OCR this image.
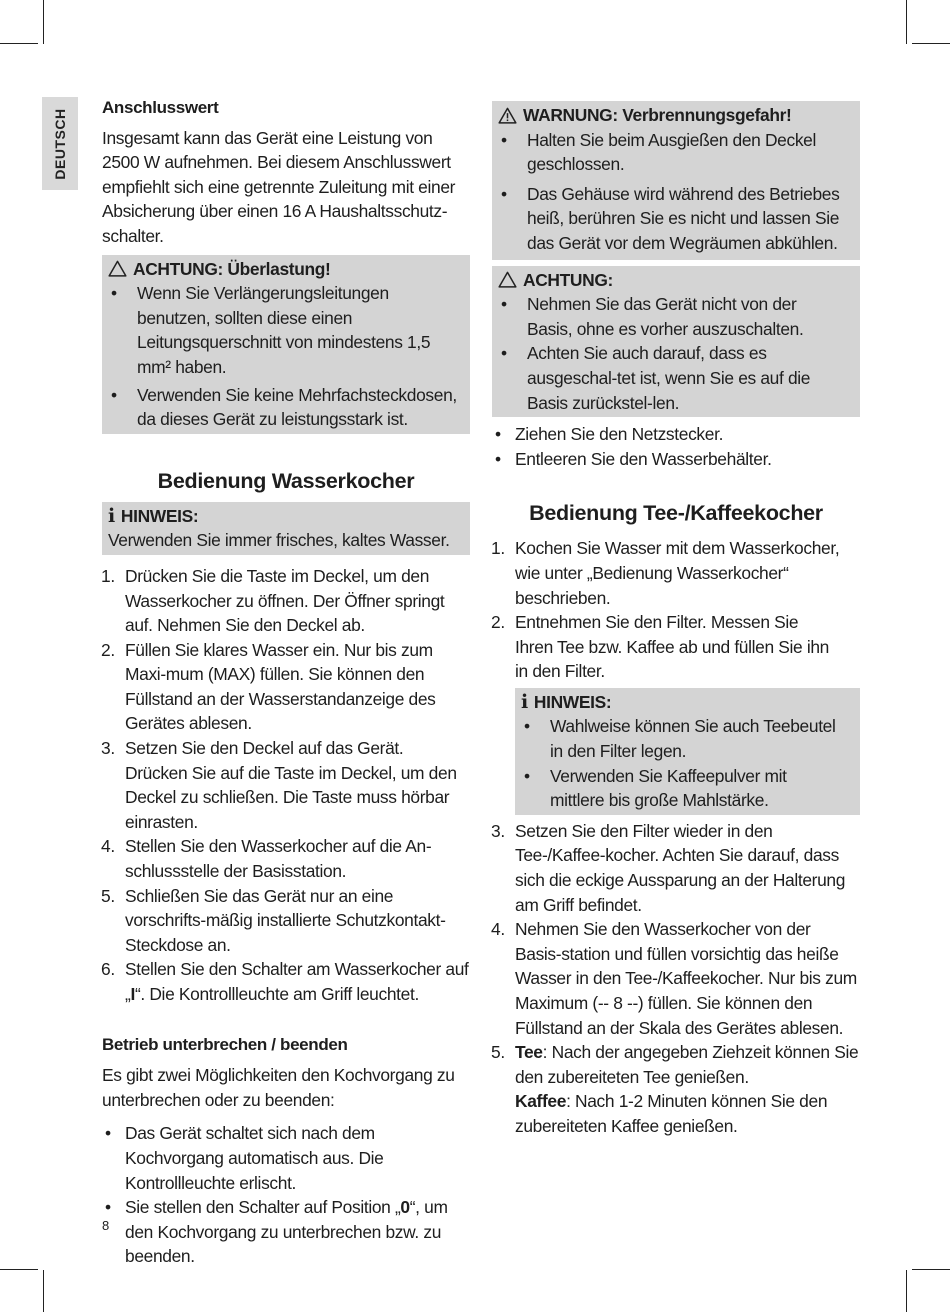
DEUTSCH

Anschlusswert

Insgesamt kann das Gerät eine Leistung von 2500 W aufnehmen. Bei diesem Anschlusswert empfiehlt sich eine getrennte Zuleitung mit einer Absicherung über einen 16 A Haushaltsschutz-schalter.

ACHTUNG: Überlastung!
• Wenn Sie Verlängerungsleitungen benutzen, sollten diese einen Leitungsquerschnitt von mindestens 1,5 mm² haben.
• Verwenden Sie keine Mehrfachsteckdosen, da dieses Gerät zu leistungsstark ist.

Bedienung Wasserkocher

i HINWEIS:

Verwenden Sie immer frisches, kaltes Wasser.

1. Drücken Sie die Taste im Deckel, um den Wasserkocher zu öffnen. Der Öffner springt auf. Nehmen Sie den Deckel ab.
2. Füllen Sie klares Wasser ein. Nur bis zum Maxi-mum (MAX) füllen. Sie können den Füllstand an der Wasserstandanzeige des Gerätes ablesen.
3. Setzen Sie den Deckel auf das Gerät. Drücken Sie auf die Taste im Deckel, um den Deckel zu schließen. Die Taste muss hörbar einrasten.
4. Stellen Sie den Wasserkocher auf die An-schlussstelle der Basisstation.
5. Schließen Sie das Gerät nur an eine vorschrifts-mäßig installierte Schutzkontakt-Steckdose an.
6. Stellen Sie den Schalter am Wasserkocher auf „I“. Die Kontrollleuchte am Griff leuchtet.

Betrieb unterbrechen / beenden

Es gibt zwei Möglichkeiten den Kochvorgang zu unterbrechen oder zu beenden:

• Das Gerät schaltet sich nach dem Kochvorgang automatisch aus. Die Kontrollleuchte erlischt.
• Sie stellen den Schalter auf Position „0“, um den Kochvorgang zu unterbrechen bzw. zu beenden.
WARNUNG: Verbrennungsgefahr!
• Halten Sie beim Ausgießen den Deckel geschlossen.
• Das Gehäuse wird während des Betriebes heiß, berühren Sie es nicht und lassen Sie das Gerät vor dem Wegräumen abkühlen.
ACHTUNG:
• Nehmen Sie das Gerät nicht von der Basis, ohne es vorher auszuschalten.
• Achten Sie auch darauf, dass es ausgeschal-tet ist, wenn Sie es auf die Basis zurückstel-len.
• Ziehen Sie den Netzstecker.
• Entleeren Sie den Wasserbehälter.

Bedienung Tee-/Kaffeekocher

1. Kochen Sie Wasser mit dem Wasserkocher, wie unter „Bedienung Wasserkocher“ beschrieben.
2. Entnehmen Sie den Filter. Messen Sie Ihren Tee bzw. Kaffee ab und füllen Sie ihn in den Filter.
i HINWEIS:
• Wahlweise können Sie auch Teebeutel in den Filter legen.
• Verwenden Sie Kaffeepulver mit mittlere bis große Mahlstärke.
3. Setzen Sie den Filter wieder in den Tee-/Kaffee-kocher. Achten Sie darauf, dass sich die eckige Aussparung an der Halterung am Griff befindet.
4. Nehmen Sie den Wasserkocher von der Basis-station und füllen vorsichtig das heiße Wasser in den Tee-/Kaffeekocher. Nur bis zum Maximum (-- 8 --) füllen. Sie können den Füllstand an der Skala des Gerätes ablesen.
5. Tee: Nach der angegeben Ziehzeit können Sie den zubereiteten Tee genießen.
Kaffee: Nach 1-2 Minuten können Sie den zubereiteten Kaffee genießen.
8
